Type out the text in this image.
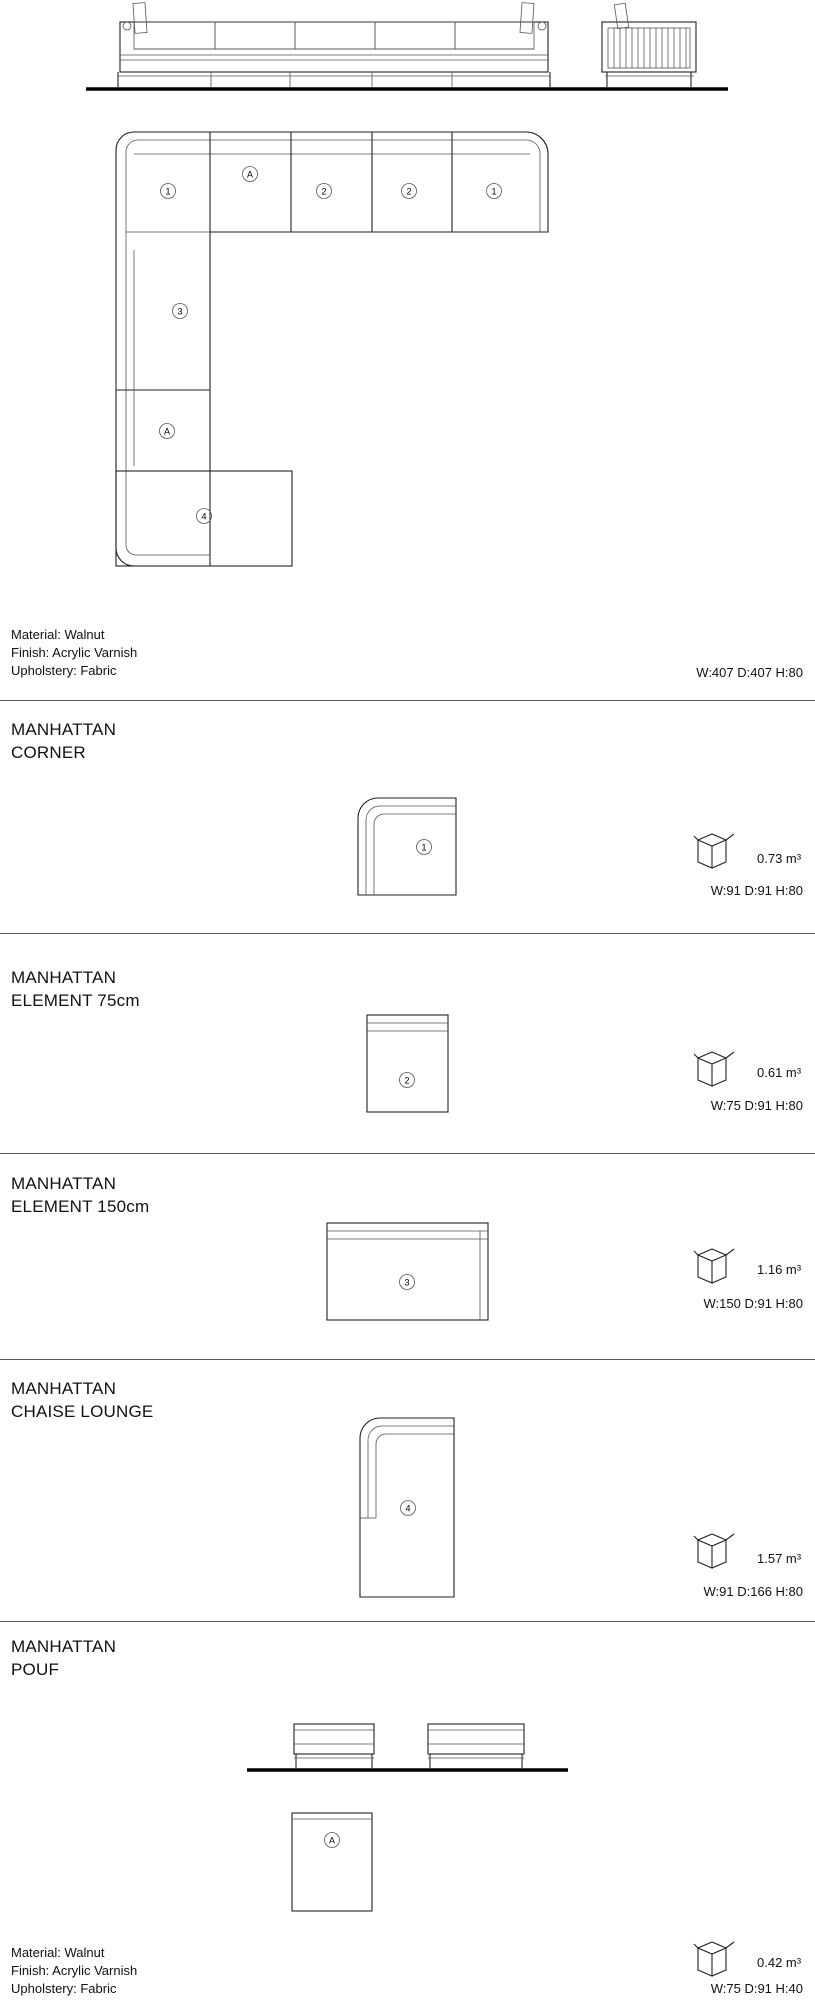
1
A
2	2	1
3
A
4
Material: Walnut
Finish: Acrylic Varnish
Upholstery: Fabric	W:407 D:407 H:80
MANHATTAN
CORNER
1
0.73 m³
W:91 D:91 H:80
MANHATTAN
ELEMENT 75cm
2
0.61 m³
W:75 D:91 H:80
MANHATTAN
ELEMENT 150cm
3
1.16 m³
W:150 D:91 H:80
MANHATTAN
CHAISE LOUNGE
4
1.57 m³
W:91 D:166 H:80
MANHATTAN
POUF
A
Material: Walnut
Finish: Acrylic Varnish
Upholstery: Fabric
0.42 m³
W:75 D:91 H:40
